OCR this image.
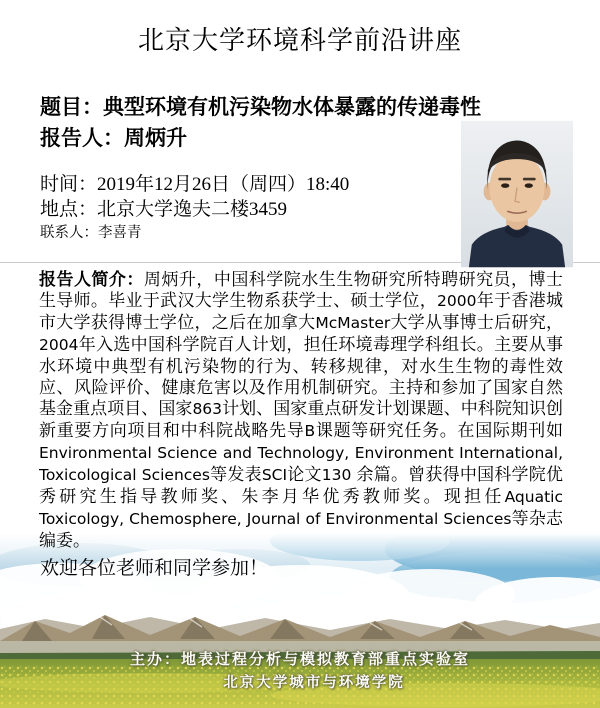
北京大学环境科学前沿讲座
题目：典型环境有机污染物水体暴露的传递毒性
报告人：周炳升
时间：2019年12月26日（周四）18:40
地点：北京大学逸夫二楼3459
联系人：李喜青

报告人简介：周炳升，中国科学院水生生物研究所特聘研究员，博士生导师。毕业于武汉大学生物系获学士、硕士学位，2000年于香港城市大学获得博士学位，之后在加拿大McMaster大学从事博士后研究，2004年入选中国科学院百人计划，担任环境毒理学科组长。主要从事水环境中典型有机污染物的行为、转移规律，对水生生物的毒性效应、风险评价、健康危害以及作用机制研究。主持和参加了国家自然基金重点项目、国家863计划、国家重点研发计划课题、中科院知识创新重要方向项目和中科院战略先导B课题等研究任务。在国际期刊如Environmental Science and Technology, Environment International, Toxicological Sciences等发表SCI论文130 余篇。曾获得中国科学院优秀研究生指导教师奖、朱李月华优秀教师奖。现担任Aquatic Toxicology, Chemosphere, Journal of Environmental Sciences等杂志编委。

欢迎各位老师和同学参加！
主办：地表过程分析与模拟教育部重点实验室
北京大学城市与环境学院
